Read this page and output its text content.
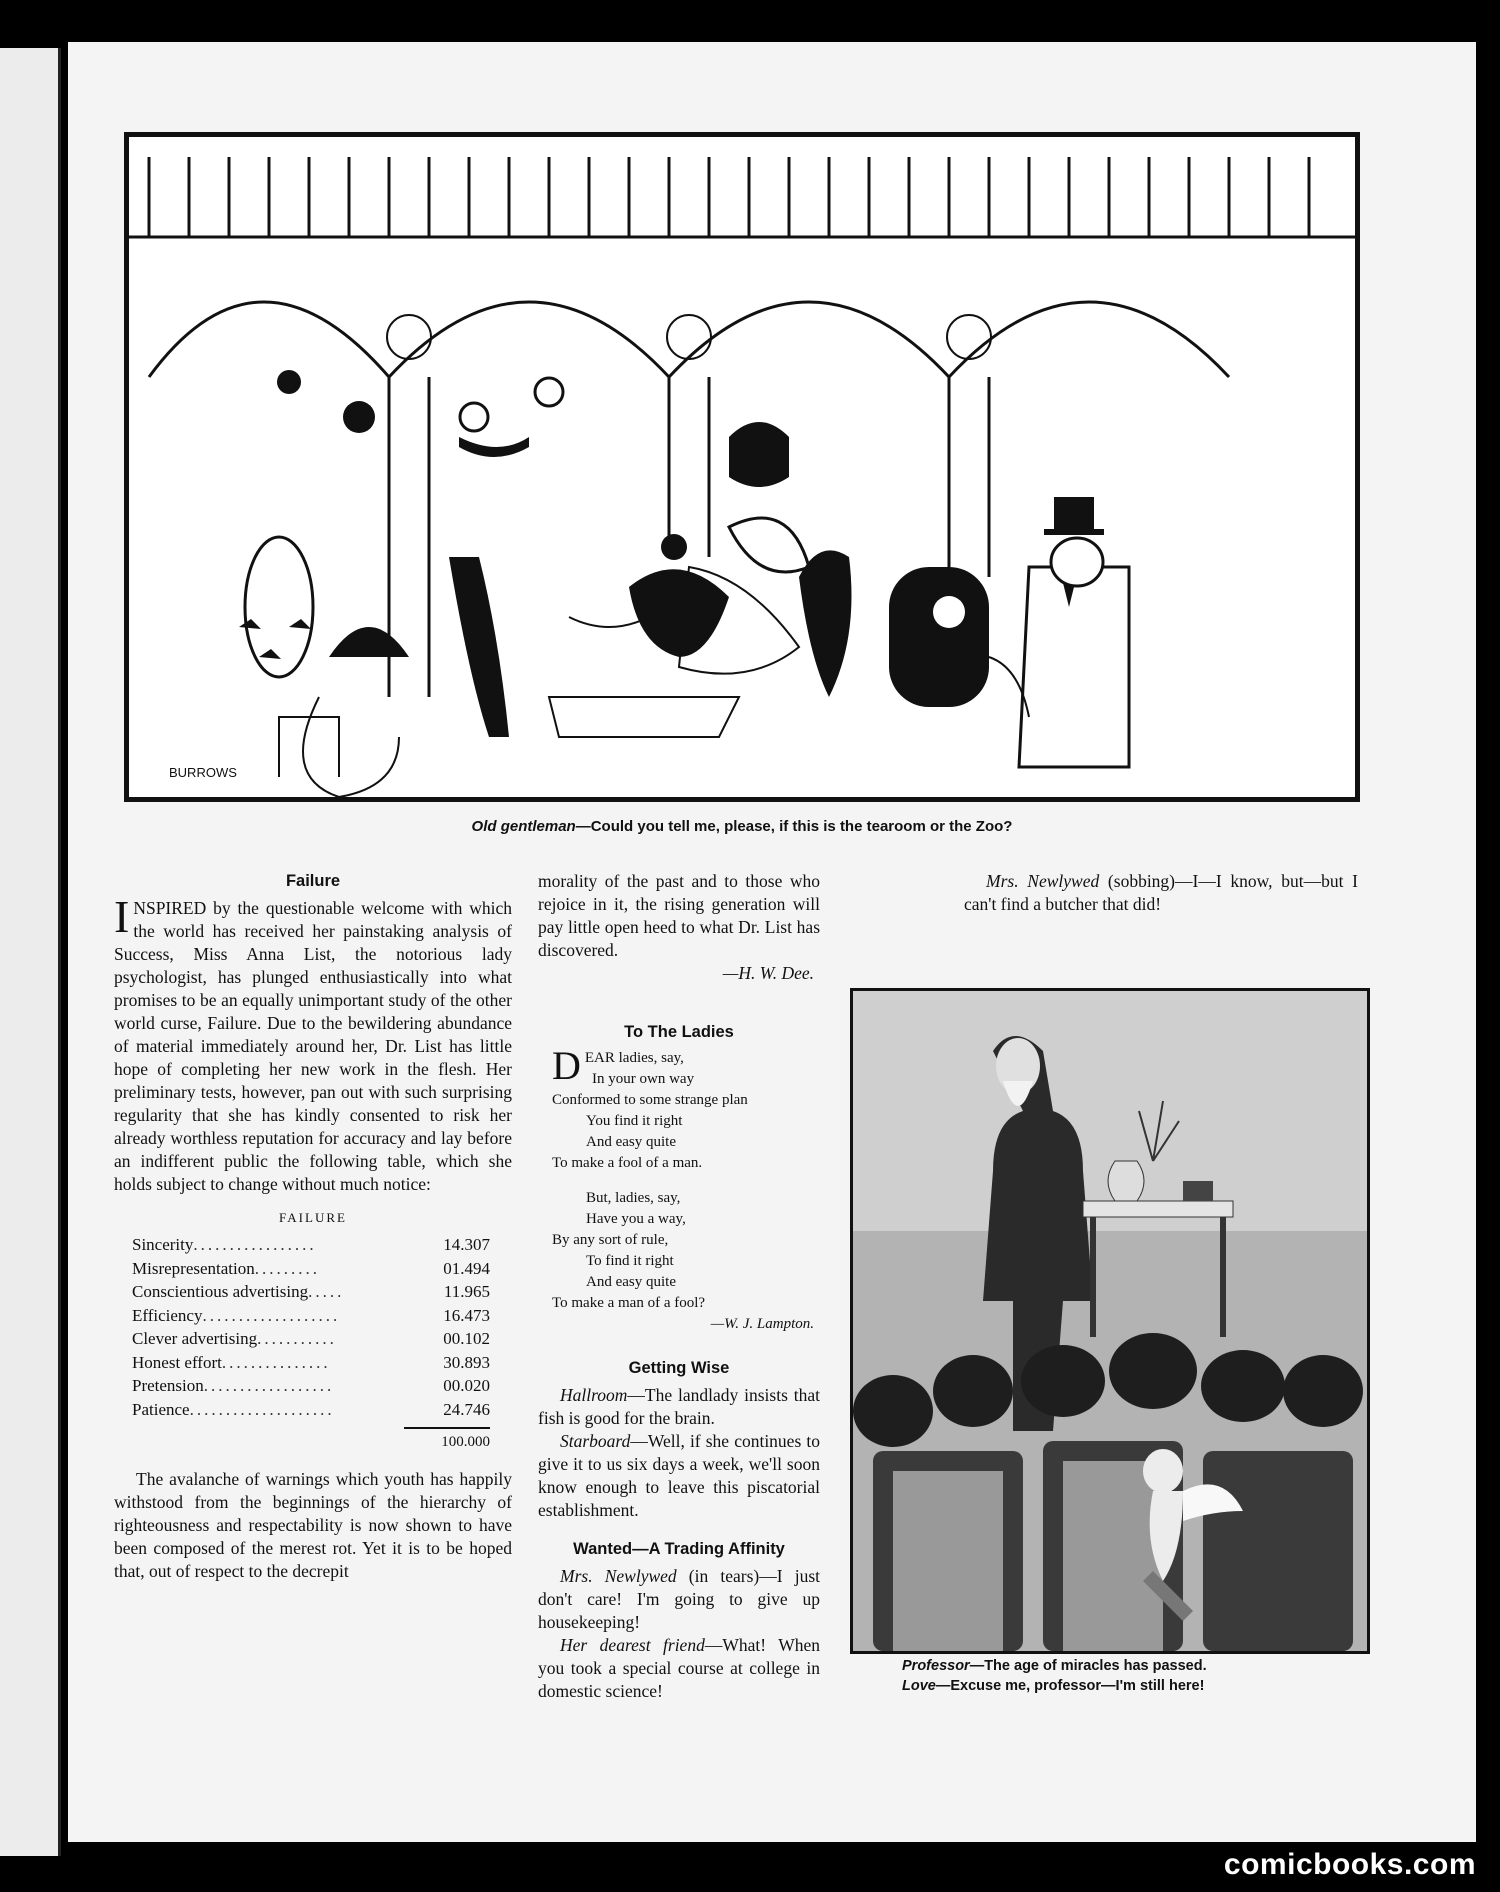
BURROWS
Old gentleman—Could you tell me, please, if this is the tearoom or the Zoo?
Failure

INSPIRED by the questionable welcome with which the world has received her painstaking analysis of Success, Miss Anna List, the notorious lady psychologist, has plunged enthusiastically into what promises to be an equally unimportant study of the other world curse, Failure. Due to the bewildering abundance of material immediately around her, Dr. List has little hope of completing her new work in the flesh. Her preliminary tests, however, pan out with such surprising regularity that she has kindly consented to risk her already worthless reputation for accuracy and lay before an indifferent public the following table, which she holds subject to change without much notice:

FAILURE
Sincerity.................	14.307
Misrepresentation.........	01.494
Conscientious advertising.....	11.965
Efficiency...................	16.473
Clever advertising...........	00.102
Honest effort...............	30.893
Pretension..................	00.020
Patience....................	24.746
100.000

The avalanche of warnings which youth has happily withstood from the beginnings of the hierarchy of righteousness and respectability is now shown to have been composed of the merest rot. Yet it is to be hoped that, out of respect to the decrepit

morality of the past and to those who rejoice in it, the rising generation will pay little open heed to what Dr. List has discovered.

—H. W. Dee.
To The Ladies
D EAR ladies, say,
In your own way
Conformed to some strange plan
You find it right
And easy quite
To make a fool of a man.
But, ladies, say,
Have you a way,
By any sort of rule,
To find it right
And easy quite
To make a man of a fool?
—W. J. Lampton.
Getting Wise

Hallroom—The landlady insists that fish is good for the brain.

Starboard—Well, if she continues to give it to us six days a week, we'll soon know enough to leave this piscatorial establishment.

Wanted—A Trading Affinity

Mrs. Newlywed (in tears)—I just don't care! I'm going to give up housekeeping!

Her dearest friend—What! When you took a special course at college in domestic science!

Mrs. Newlywed (sobbing)—I—I know, but—but I can't find a butcher that did!

Professor—The age of miracles has passed.
Love—Excuse me, professor—I'm still here!
comicbooks.com
